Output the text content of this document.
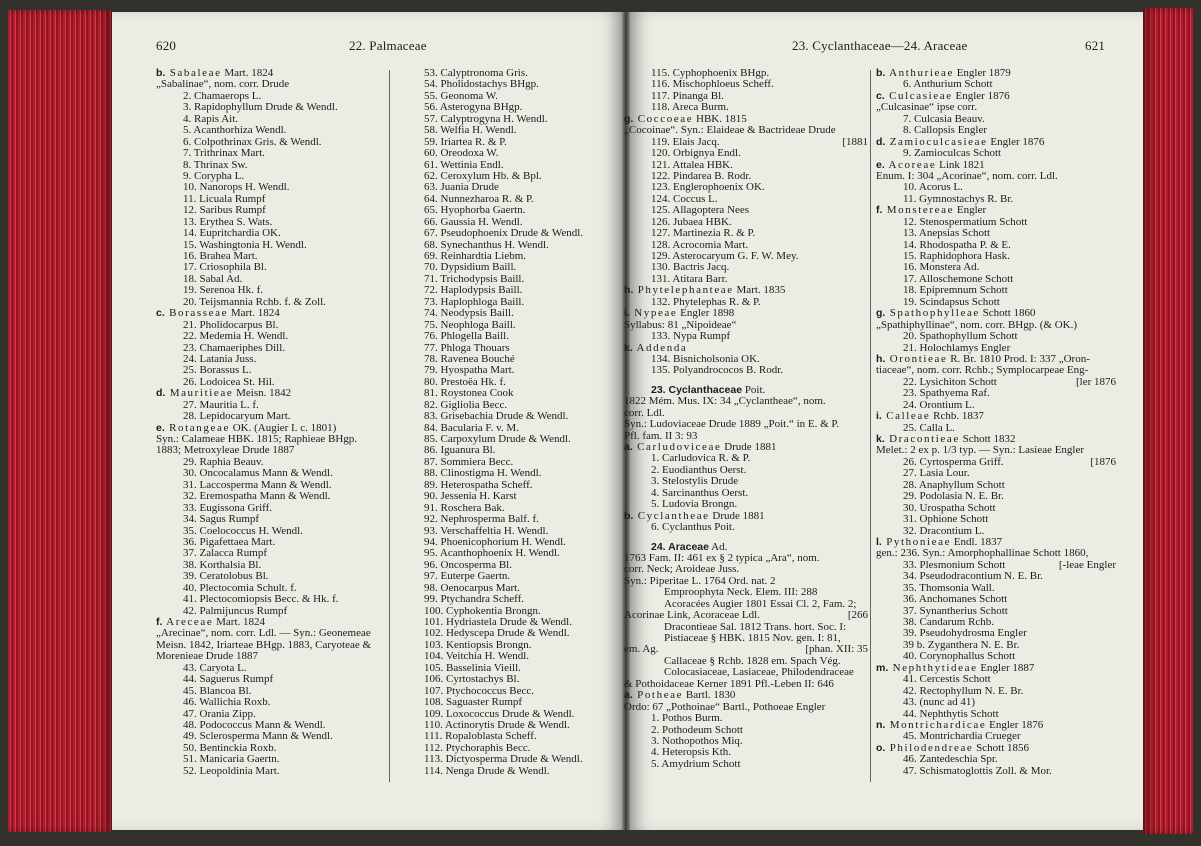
620	22. Palmaceae
b. Sabaleae Mart. 1824
„Sabalinae“, nom. corr. Drude
2. Chamaerops L.
3. Rapidophyllum Drude & Wendl.
4. Rapis Ait.
5. Acanthorhiza Wendl.
6. Colpothrinax Gris. & Wendl.
7. Trithrinax Mart.
8. Thrinax Sw.
9. Corypha L.
10. Nanorops H. Wendl.
11. Licuala Rumpf
12. Saribus Rumpf
13. Erythea S. Wats.
14. Eupritchardia OK.
15. Washingtonia H. Wendl.
16. Brahea Mart.
17. Criosophila Bl.
18. Sabal Ad.
19. Serenoa Hk. f.
20. Teijsmannia Rchb. f. & Zoll.
c. Borasseae Mart. 1824
21. Pholidocarpus Bl.
22. Medemia H. Wendl.
23. Chamaeriphes Dill.
24. Latania Juss.
25. Borassus L.
26. Lodoicea St. Hil.
d. Mauritieae Meisn. 1842
27. Mauritia L. f.
28. Lepidocaryum Mart.
e. Rotangeae OK. (Augier I. c. 1801)
Syn.: Calameae HBK. 1815; Raphieae BHgp.
1883; Metroxyleae Drude 1887
29. Raphia Beauv.
30. Oncocalamus Mann & Wendl.
31. Laccosperma Mann & Wendl.
32. Eremospatha Mann & Wendl.
33. Eugissona Griff.
34. Sagus Rumpf
35. Coelococcus H. Wendl.
36. Pigafettaea Mart.
37. Zalacca Rumpf
38. Korthalsia Bl.
39. Ceratolobus Bl.
40. Plectocomia Schult. f.
41. Plectocomiopsis Becc. & Hk. f.
42. Palmijuncus Rumpf
f. Areceae Mart. 1824
„Arecinae“, nom. corr. Ldl. — Syn.: Geonemeae
Meisn. 1842, Iriarteae BHgp. 1883, Caryoteae &
Morenieae Drude 1887
43. Caryota L.
44. Saguerus Rumpf
45. Blancoa Bl.
46. Wallichia Roxb.
47. Orania Zipp.
48. Podococcus Mann & Wendl.
49. Sclerosperma Mann & Wendl.
50. Bentinckia Roxb.
51. Manicaria Gaertn.
52. Leopoldinia Mart.
53. Calyptronoma Gris.
54. Pholidostachys BHgp.
55. Geonoma W.
56. Asterogyna BHgp.
57. Calyptrogyna H. Wendl.
58. Welfia H. Wendl.
59. Iriartea R. & P.
60. Oreodoxa W.
61. Wettinia Endl.
62. Ceroxylum Hb. & Bpl.
63. Juania Drude
64. Nunnezharoa R. & P.
65. Hyophorba Gaertn.
66. Gaussia H. Wendl.
67. Pseudophoenix Drude & Wendl.
68. Synechanthus H. Wendl.
69. Reinhardtia Liebm.
70. Dypsidium Baill.
71. Trichodypsis Baill.
72. Haplodypsis Baill.
73. Haplophloga Baill.
74. Neodypsis Baill.
75. Neophloga Baill.
76. Phlogella Baill.
77. Phloga Thouars
78. Ravenea Bouché
79. Hyospatha Mart.
80. Prestoëa Hk. f.
81. Roystonea Cook
82. Gigliolia Becc.
83. Grisebachia Drude & Wendl.
84. Bacularia F. v. M.
85. Carpoxylum Drude & Wendl.
86. Iguanura Bl.
87. Sommiera Becc.
88. Clinostigma H. Wendl.
89. Heterospatha Scheff.
90. Jessenia H. Karst
91. Roschera Bak.
92. Nephrosperma Balf. f.
93. Verschaffeltia H. Wendl.
94. Phoenicophorium H. Wendl.
95. Acanthophoenix H. Wendl.
96. Oncosperma Bl.
97. Euterpe Gaertn.
98. Oenocarpus Mart.
99. Ptychandra Scheff.
100. Cyphokentia Brongn.
101. Hydriastela Drude & Wendl.
102. Hedyscepa Drude & Wendl.
103. Kentiopsis Brongn.
104. Veitchia H. Wendl.
105. Basselinia Vieill.
106. Cyrtostachys Bl.
107. Ptychococcus Becc.
108. Saguaster Rumpf
109. Loxococcus Drude & Wendl.
110. Actinorytis Drude & Wendl.
111. Ropaloblasta Scheff.
112. Ptychoraphis Becc.
113. Dictyosperma Drude & Wendl.
114. Nenga Drude & Wendl.
23. Cyclanthaceae—24. Araceae	621
115. Cyphophoenix BHgp.
116. Mischophloeus Scheff.
117. Pinanga Bl.
118. Areca Burm.
g. Coccoeae HBK. 1815
„Cocoinae“. Syn.: Elaideae & Bactrideae Drude
119. Elais Jacq.	[1881
120. Orbignya Endl.
121. Attalea HBK.
122. Pindarea B. Rodr.
123. Englerophoenix OK.
124. Coccus L.
125. Allagoptera Nees
126. Jubaea HBK.
127. Martinezia R. & P.
128. Acrocomia Mart.
129. Asterocaryum G. F. W. Mey.
130. Bactris Jacq.
131. Atitara Barr.
h. Phytelephanteae Mart. 1835
132. Phytelephas R. & P.
i. Nypeae Engler 1898
Syllabus: 81 „Nipoideae“
133. Nypa Rumpf
k. Addenda
134. Bisnicholsonia OK.
135. Polyandrococos B. Rodr.
23. Cyclanthaceae Poit.
1822 Mém. Mus. IX: 34 „Cyclantheae“, nom.
corr. Ldl.
Syn.: Ludoviaceae Drude 1889 „Poit.“ in E. & P.
Pfl. fam. II 3: 93
a. Carludoviceae Drude 1881
1. Carludovica R. & P.
2. Euodianthus Oerst.
3. Stelostylis Drude
4. Sarcinanthus Oerst.
5. Ludovia Brongn.
b. Cyclantheae Drude 1881
6. Cyclanthus Poit.
24. Araceae Ad.
1763 Fam. II: 461 ex § 2 typica „Ara“, nom.
corr. Neck; Aroideae Juss.
Syn.: Piperitae L. 1764 Ord. nat. 2
Emproophyta Neck. Elem. III: 288
Acoracées Augier 1801 Essai Cl. 2, Fam. 2;
Acorinae Link, Acoraceae Ldl.	[266
Dracontieae Sal. 1812 Trans. hort. Soc. I:
Pistiaceae § HBK. 1815 Nov. gen. I: 81,
em. Ag.	[phan. XII: 35
Callaceae § Rchb. 1828 em. Spach Vég.
Colocasiaceae, Lasiaceae, Philodendraceae
& Pothoidaceae Kerner 1891 Pfl.-Leben II: 646
a. Potheae Bartl. 1830
Ordo: 67 „Pothoinae“ Bartl., Pothoeae Engler
1. Pothos Burm.
2. Pothodeum Schott
3. Nothopothos Miq.
4. Heteropsis Kth.
5. Amydrium Schott
b. Anthurieae Engler 1879
6. Anthurium Schott
c. Culcasieae Engler 1876
„Culcasinae“ ipse corr.
7. Culcasia Beauv.
8. Callopsis Engler
d. Zamioculcasieae Engler 1876
9. Zamioculcas Schott
e. Acoreae Link 1821
Enum. I: 304 „Acorinae“, nom. corr. Ldl.
10. Acorus L.
11. Gymnostachys R. Br.
f. Monstereae Engler
12. Stenospermatium Schott
13. Anepsias Schott
14. Rhodospatha P. & E.
15. Raphidophora Hask.
16. Monstera Ad.
17. Alloschemone Schott
18. Epipremnum Schott
19. Scindapsus Schott
g. Spathophylleae Schott 1860
„Spathiphyllinae“, nom. corr. BHgp. (& OK.)
20. Spathophyllum Schott
21. Holochlamys Engler
h. Orontieae R. Br. 1810 Prod. I: 337 „Oron-
tiaceae“, nom. corr. Rchb.; Symplocarpeae Eng-
22. Lysichiton Schott	[ler 1876
23. Spathyema Raf.
24. Orontium L.
i. Calleae Rchb. 1837
25. Calla L.
k. Dracontieae Schott 1832
Melet.: 2 ex p. 1/3 typ. — Syn.: Lasieae Engler
26. Cyrtosperma Griff.	[1876
27. Lasia Lour.
28. Anaphyllum Schott
29. Podolasia N. E. Br.
30. Urospatha Schott
31. Ophione Schott
32. Dracontium L.
l. Pythonieae Endl. 1837
gen.: 236. Syn.: Amorphophallinae Schott 1860,
33. Plesmonium Schott	[-leae Engler
34. Pseudodracontium N. E. Br.
35. Thomsonia Wall.
36. Anchomanes Schott
37. Synantherius Schott
38. Candarum Rchb.
39. Pseudohydrosma Engler
39 b. Zyganthera N. E. Br.
40. Corynophallus Schott
m. Nephthytideae Engler 1887
41. Cercestis Schott
42. Rectophyllum N. E. Br.
43. (nunc ad 41)
44. Nephthytis Schott
n. Montrichardicae Engler 1876
45. Montrichardia Crueger
o. Philodendreae Schott 1856
46. Zantedeschia Spr.
47. Schismatoglottis Zoll. & Mor.
